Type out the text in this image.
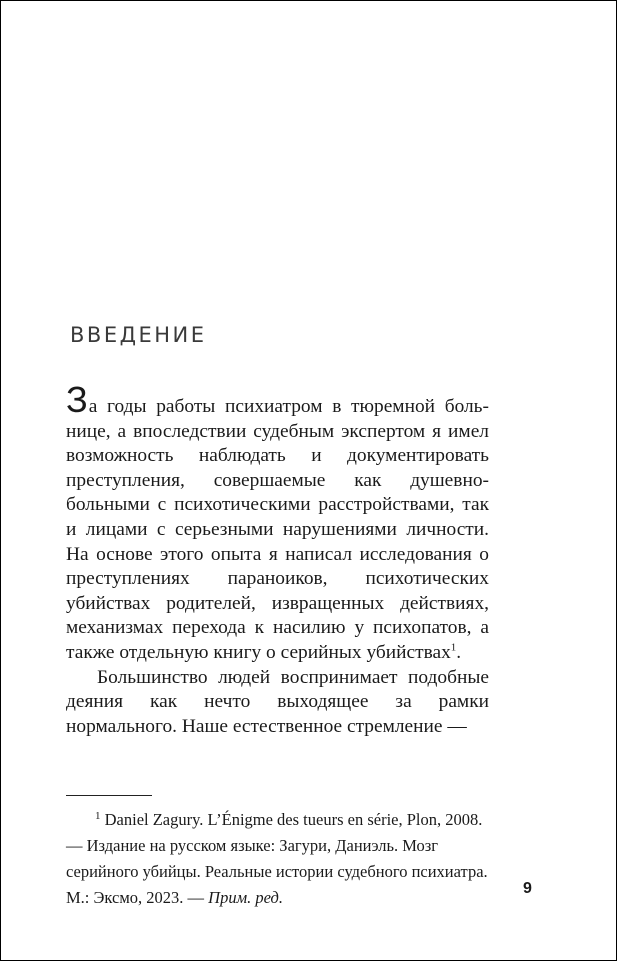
ВВЕДЕНИЕ

За годы работы психиатром в тюремной больнице, а впоследствии судебным экспертом я имел возможность наблюдать и документировать преступления, совершаемые как душевнобольными с психотическими расстройствами, так и лицами с серьезными нарушениями личности. На основе этого опыта я написал исследования о преступлениях параноиков, психотических убийствах родителей, извращенных действиях, механизмах перехода к насилию у психопатов, а также отдельную книгу о серийных убийствах$^1$.

Большинство людей воспринимает подобные деяния как нечто выходящее за рамки нормального. Наше естественное стремление —

$^1$ Daniel Zagury. L’Énigme des tueurs en série, Plon, 2008. — Издание на русском языке: Загури, Даниэль. Мозг серийного убийцы. Реальные истории судебного психиатра. М.: Эксмо, 2023. — Прим. ред.	9
